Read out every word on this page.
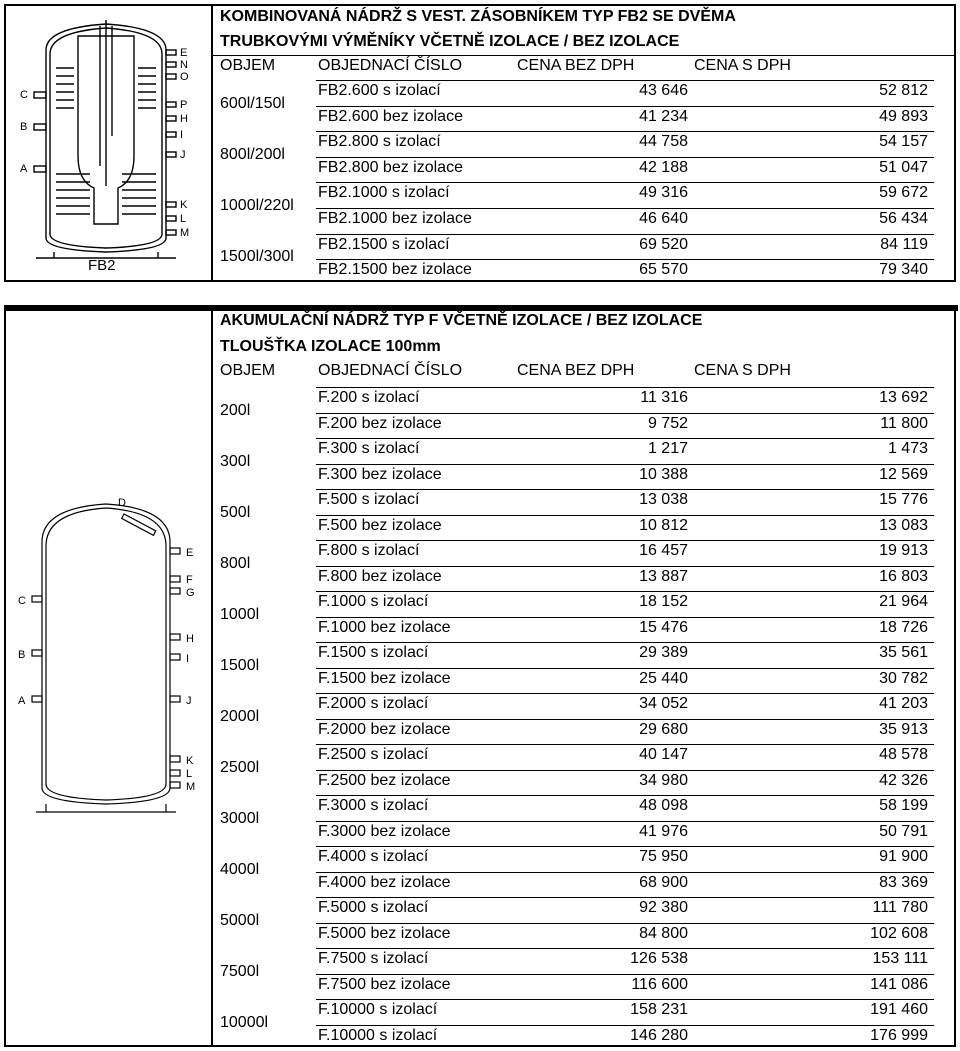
C
B
A
E
N
O
P
H
I
J
K
L
M
FB2
KOMBINOVANÁ NÁDRŽ S VEST. ZÁSOBNÍKEM TYP FB2 SE DVĚMA
TRUBKOVÝMI VÝMĚNÍKY VČETNĚ IZOLACE / BEZ IZOLACE
OBJEM	OBJEDNACÍ ČÍSLO	CENA BEZ DPH	CENA S DPH
600l/150l
FB2.600 s izolací	43 646	52 812
FB2.600 bez izolace	41 234	49 893
800l/200l
FB2.800 s izolací	44 758	54 157
FB2.800 bez izolace	42 188	51 047
1000l/220l
FB2.1000 s izolací	49 316	59 672
FB2.1000 bez izolace	46 640	56 434
1500l/300l
FB2.1500 s izolací	69 520	84 119
FB2.1500 bez izolace	65 570	79 340
D
C
B
A
E
F
G
H
I
J
K
L
M
AKUMULAČNÍ NÁDRŽ TYP F VČETNĚ IZOLACE / BEZ IZOLACE
TLOUŠŤKA IZOLACE 100mm
OBJEM	OBJEDNACÍ ČÍSLO	CENA BEZ DPH	CENA S DPH
200l
F.200 s izolací	11 316	13 692
F.200 bez izolace	9 752	11 800
300l
F.300 s izolací	1 217	1 473
F.300 bez izolace	10 388	12 569
500l
F.500 s izolací	13 038	15 776
F.500 bez izolace	10 812	13 083
800l
F.800 s izolací	16 457	19 913
F.800 bez izolace	13 887	16 803
1000l
F.1000 s izolací	18 152	21 964
F.1000 bez izolace	15 476	18 726
1500l
F.1500 s izolací	29 389	35 561
F.1500 bez izolace	25 440	30 782
2000l
F.2000 s izolací	34 052	41 203
F.2000 bez izolace	29 680	35 913
2500l
F.2500 s izolací	40 147	48 578
F.2500 bez izolace	34 980	42 326
3000l
F.3000 s izolací	48 098	58 199
F.3000 bez izolace	41 976	50 791
4000l
F.4000 s izolací	75 950	91 900
F.4000 bez izolace	68 900	83 369
5000l
F.5000 s izolací	92 380	111 780
F.5000 bez izolace	84 800	102 608
7500l
F.7500 s izolací	126 538	153 111
F.7500 bez izolace	116 600	141 086
10000l
F.10000 s izolací	158 231	191 460
F.10000 s izolací	146 280	176 999
